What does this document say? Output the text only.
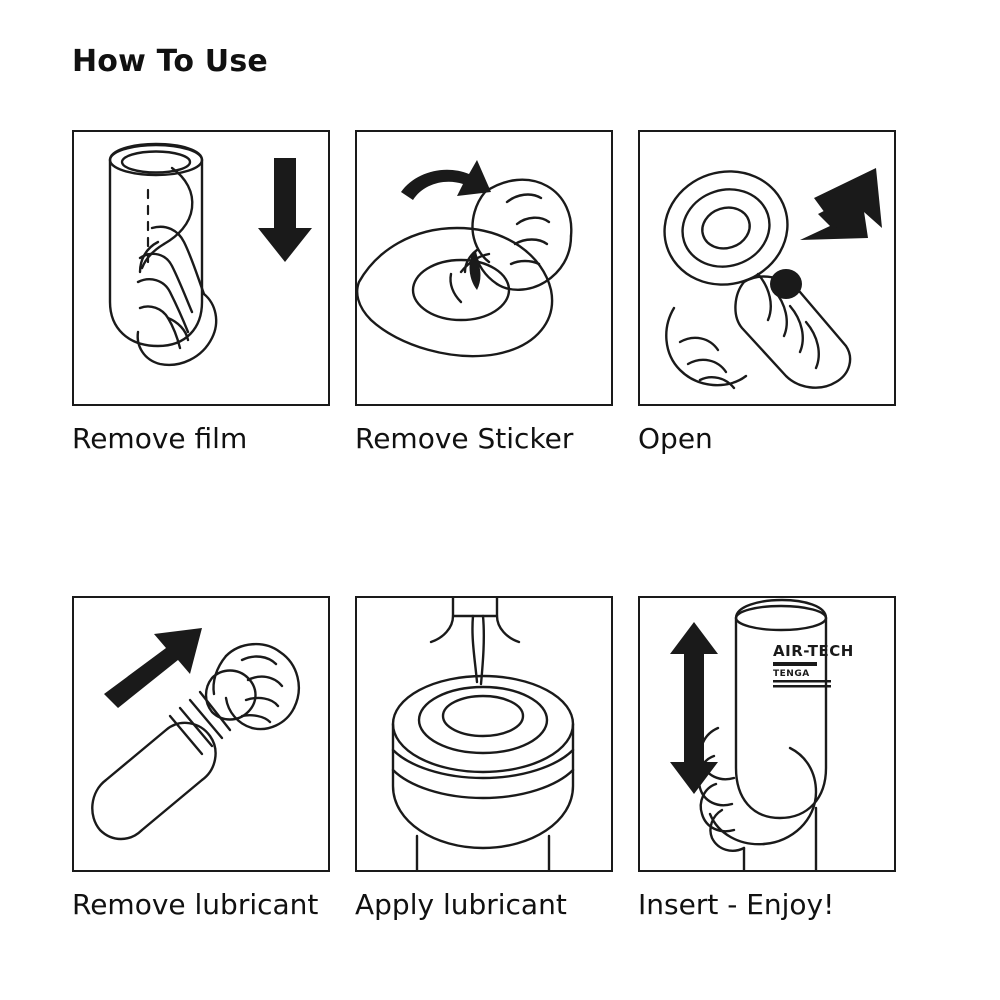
How To Use
Remove film	Remove Sticker	Open
Remove lubricant	Apply lubricant
AIR-TECH
TENGA
Insert - Enjoy!
